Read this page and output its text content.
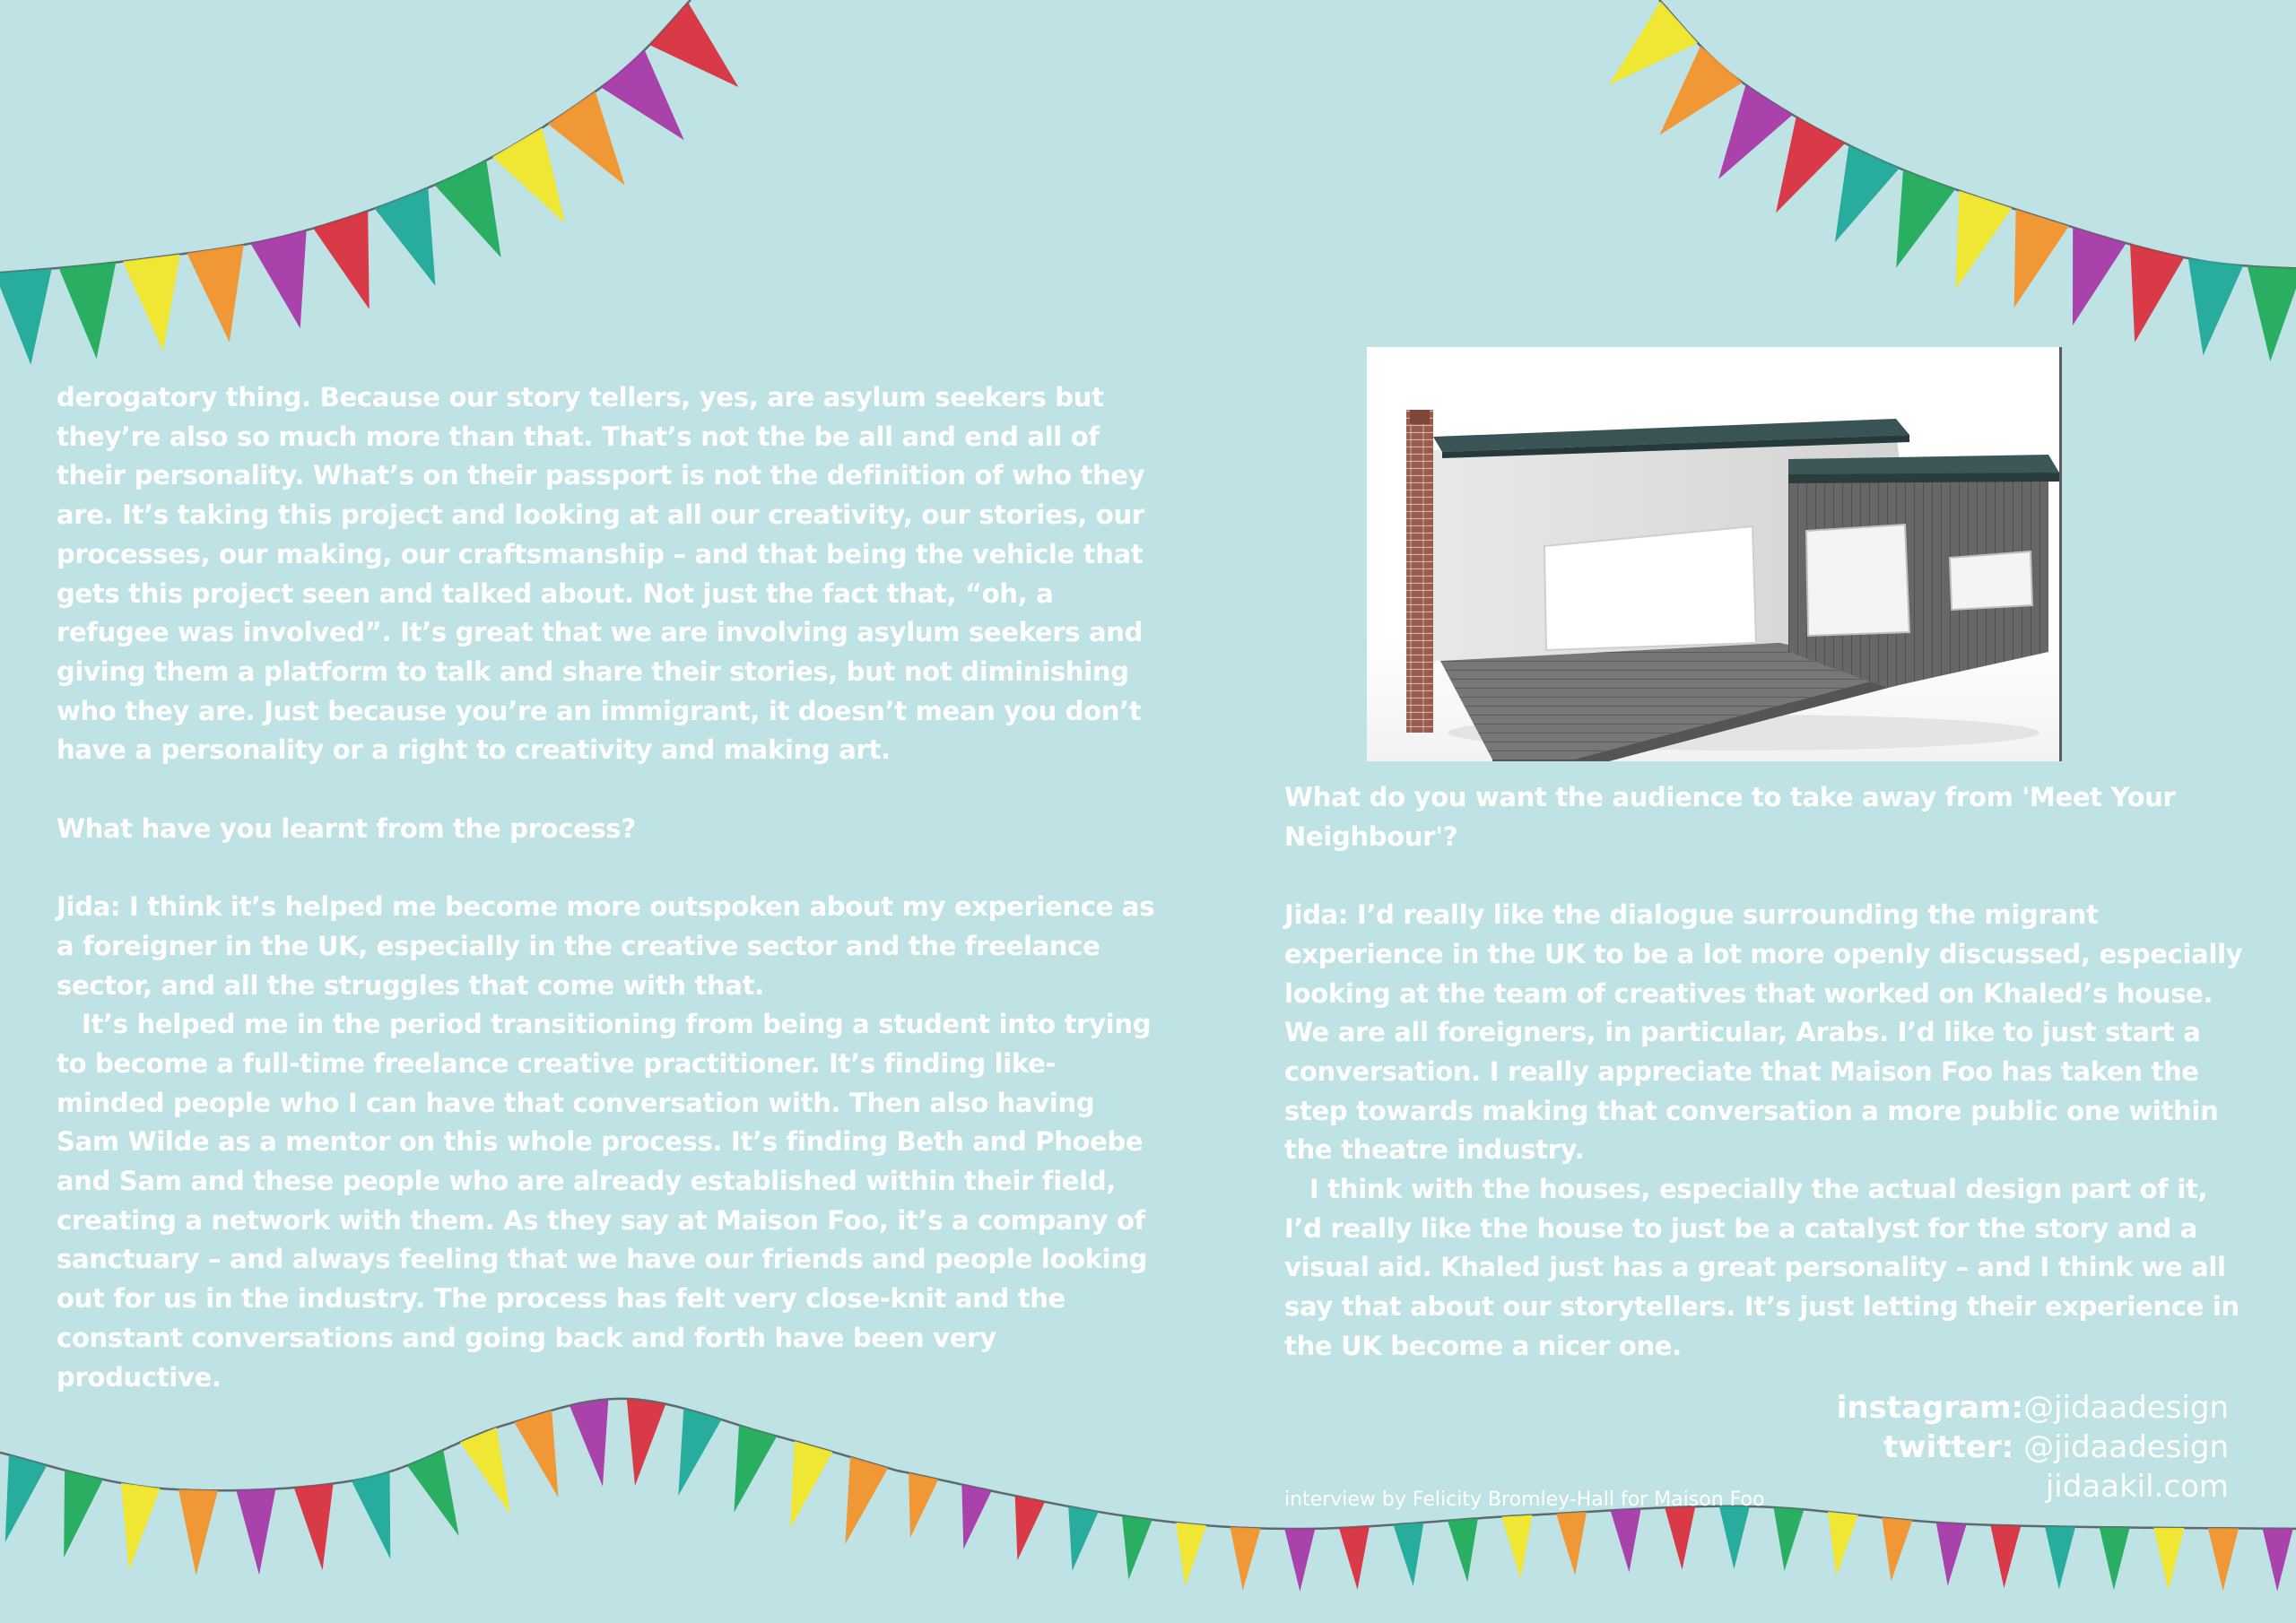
derogatory thing. Because our story tellers, yes, are asylum seekers but they’re also so much more than that. That’s not the be all and end all of their personality. What’s on their passport is not the definition of who they are. It’s taking this project and looking at all our creativity, our stories, our processes, our making, our craftsmanship – and that being the vehicle that gets this project seen and talked about. Not just the fact that, “oh, a refugee was involved”. It’s great that we are involving asylum seekers and giving them a platform to talk and share their stories, but not diminishing who they are. Just because you’re an immigrant, it doesn’t mean you don’t have a personality or a right to creativity and making art.

What have you learnt from the process?

Jida: I think it’s helped me become more outspoken about my experience as a foreigner in the UK, especially in the creative sector and the freelance sector, and all the struggles that come with that.

It’s helped me in the period transitioning from being a student into trying to become a full-time freelance creative practitioner. It’s finding like-minded people who I can have that conversation with. Then also having Sam Wilde as a mentor on this whole process. It’s finding Beth and Phoebe and Sam and these people who are already established within their field, creating a network with them. As they say at Maison Foo, it’s a company of sanctuary – and always feeling that we have our friends and people looking out for us in the industry. The process has felt very close-knit and the constant conversations and going back and forth have been very productive.

What do you want the audience to take away from 'Meet Your Neighbour'?

Jida: I’d really like the dialogue surrounding the migrant experience in the UK to be a lot more openly discussed, especially looking at the team of creatives that worked on Khaled’s house. We are all foreigners, in particular, Arabs. I’d like to just start a conversation. I really appreciate that Maison Foo has taken the step towards making that conversation a more public one within the theatre industry.

I think with the houses, especially the actual design part of it, I’d really like the house to just be a catalyst for the story and a visual aid. Khaled just has a great personality – and I think we all say that about our storytellers. It’s just letting their experience in the UK become a nicer one.

instagram:@jidaadesign
twitter: @jidaadesign
jidaakil.com
interview by Felicity Bromley-Hall for Maison Foo
